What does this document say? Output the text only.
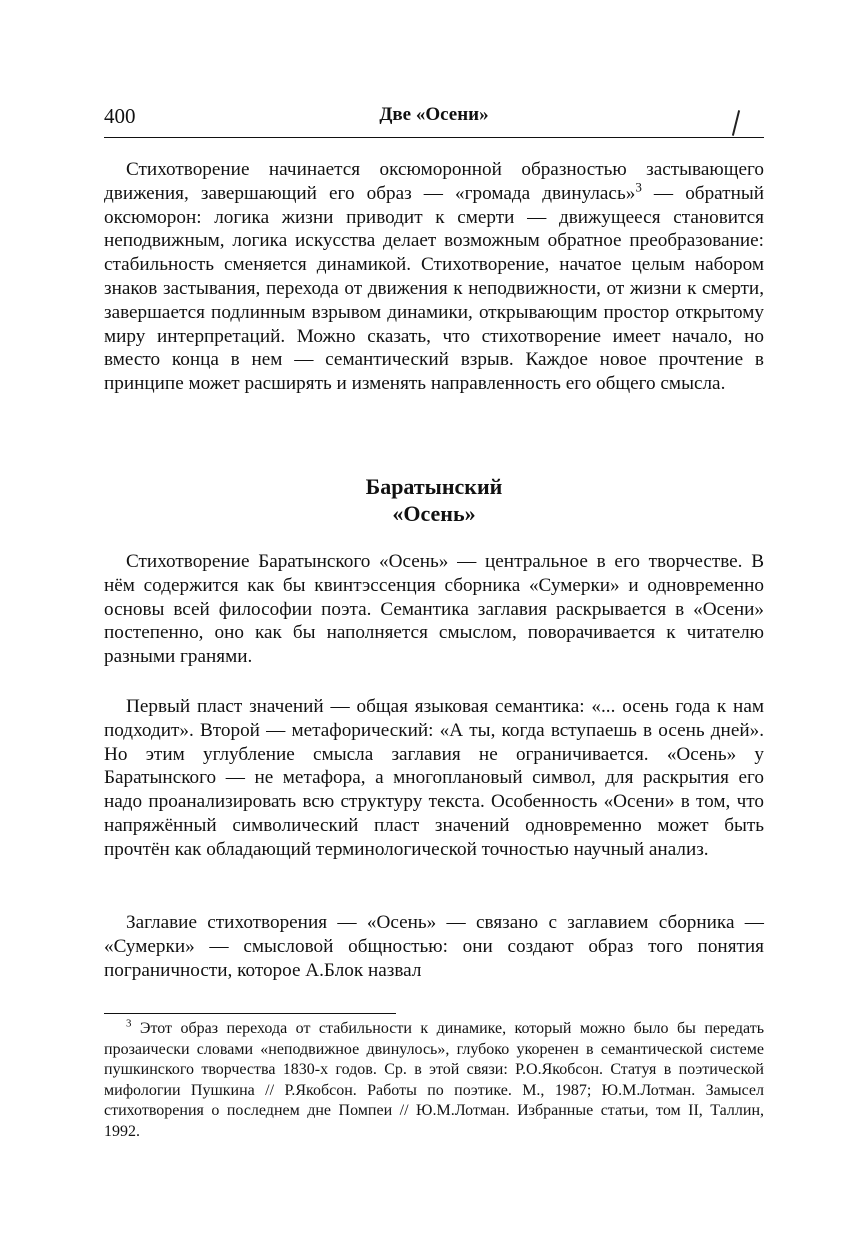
400	Две «Осени»

Стихотворение начинается оксюморонной образностью застывающего движения, завершающий его образ — «громада двинулась»$^3$ — обратный оксюморон: логика жизни приводит к смерти — движущееся становится неподвижным, логика искусства делает возможным обратное преобразование: стабильность сменяется динамикой. Стихотворение, начатое целым набором знаков застывания, перехода от движения к неподвижности, от жизни к смерти, завершается подлинным взрывом динамики, открывающим простор открытому миру интерпретаций. Можно сказать, что стихотворение имеет начало, но вместо конца в нем — семантический взрыв. Каждое новое прочтение в принципе может расширять и изменять направленность его общего смысла.

Баратынский
«Осень»

Стихотворение Баратынского «Осень» — центральное в его творчестве. В нём содержится как бы квинтэссенция сборника «Сумерки» и одновременно основы всей философии поэта. Семантика заглавия раскрывается в «Осени» постепенно, оно как бы наполняется смыслом, поворачивается к читателю разными гранями.

Первый пласт значений — общая языковая семантика: «... осень года к нам подходит». Второй — метафорический: «А ты, когда вступаешь в осень дней». Но этим углубление смысла заглавия не ограничивается. «Осень» у Баратынского — не метафора, а многоплановый символ, для раскрытия его надо проанализировать всю структуру текста. Особенность «Осени» в том, что напряжённый символический пласт значений одновременно может быть прочтён как обладающий терминологической точностью научный анализ.

Заглавие стихотворения — «Осень» — связано с заглавием сборника — «Сумерки» — смысловой общностью: они создают образ того понятия пограничности, которое А.Блок назвал

$^3$ Этот образ перехода от стабильности к динамике, который можно было бы передать прозаически словами «неподвижное двинулось», глубоко укоренен в семантической системе пушкинского творчества 1830-х годов. Ср. в этой связи: Р.О.Якобсон. Статуя в поэтической мифологии Пушкина // Р.Якобсон. Работы по поэтике. М., 1987; Ю.М.Лотман. Замысел стихотворения о последнем дне Помпеи // Ю.М.Лотман. Избранные статьи, том II, Таллин, 1992.
